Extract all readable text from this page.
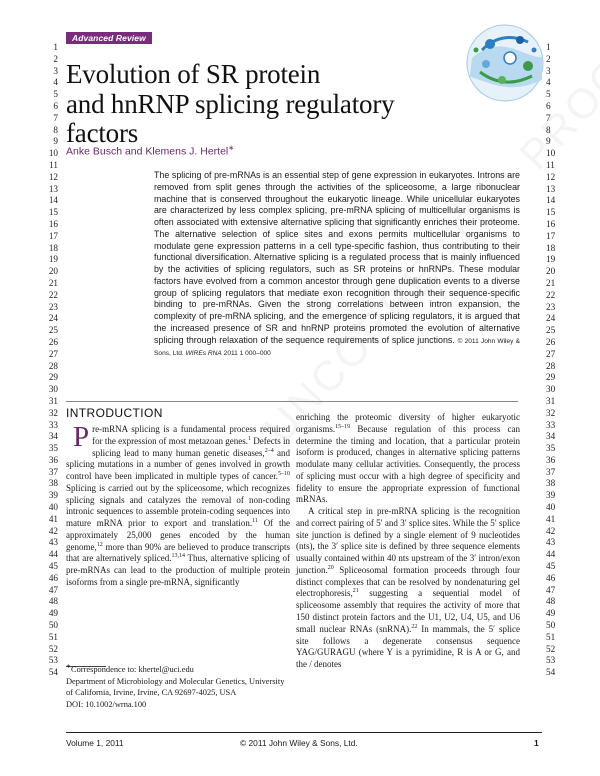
1
2
3
4
5
6
7
8
9
10
11
12
13
14
15
16
17
18
19
20
21
22
23
24
25
26
27
28
29
30
31
32
33
34
35
36
37
38
39
40
41
42
43
44
45
46
47
48
49
50
51
52
53
54
1
2
3
4
5
6
7
8
9
10
11
12
13
14
15
16
17
18
19
20
21
22
23
24
25
26
27
28
29
30
31
32
33
34
35
36
37
38
39
40
41
42
43
44
45
46
47
48
49
50
51
52
53
54
Advanced Review
Evolution of SR protein
and hnRNP splicing regulatory
factors

Anke Busch and Klemens J. Hertel∗

The splicing of pre-mRNAs is an essential step of gene expression in eukaryotes. Introns are removed from split genes through the activities of the spliceosome, a large ribonuclear machine that is conserved throughout the eukaryotic lineage. While unicellular eukaryotes are characterized by less complex splicing, pre-mRNA splicing of multicellular organisms is often associated with extensive alternative splicing that significantly enriches their proteome. The alternative selection of splice sites and exons permits multicellular organisms to modulate gene expression patterns in a cell type-specific fashion, thus contributing to their functional diversification. Alternative splicing is a regulated process that is mainly influenced by the activities of splicing regulators, such as SR proteins or hnRNPs. These modular factors have evolved from a common ancestor through gene duplication events to a diverse group of splicing regulators that mediate exon recognition through their sequence-specific binding to pre-mRNAs. Given the strong correlations between intron expansion, the complexity of pre-mRNA splicing, and the emergence of splicing regulators, it is argued that the increased presence of SR and hnRNP proteins promoted the evolution of alternative splicing through relaxation of the sequence requirements of splice junctions. © 2011 John Wiley & Sons, Ltd. WIREs RNA 2011 1 000–000

INTRODUCTION

Pre-mRNA splicing is a fundamental process required for the expression of most metazoan genes.$^1$ Defects in splicing lead to many human genetic diseases,$^{2-4}$ and splicing mutations in a number of genes involved in growth control have been implicated in multiple types of cancer.$^{5-10}$ Splicing is carried out by the spliceosome, which recognizes splicing signals and catalyzes the removal of non-coding intronic sequences to assemble protein-coding sequences into mature mRNA prior to export and translation.$^{11}$ Of the approximately 25,000 genes encoded by the human genome,$^{12}$ more than 90% are believed to produce transcripts that are alternatively spliced.$^{13,14}$ Thus, alternative splicing of pre-mRNAs can lead to the production of multiple protein isoforms from a single pre-mRNA, significantly

enriching the proteomic diversity of higher eukaryotic organisms.$^{15-19}$ Because regulation of this process can determine the timing and location, that a particular protein isoform is produced, changes in alternative splicing patterns modulate many cellular activities. Consequently, the process of splicing must occur with a high degree of specificity and fidelity to ensure the appropriate expression of functional mRNAs.

A critical step in pre-mRNA splicing is the recognition and correct pairing of 5′ and 3′ splice sites. While the 5′ splice site junction is defined by a single element of 9 nucleotides (nts), the 3′ splice site is defined by three sequence elements usually contained within 40 nts upstream of the 3′ intron/exon junction.$^{20}$ Spliceosomal formation proceeds through four distinct complexes that can be resolved by nondenaturing gel electrophoresis,$^{21}$ suggesting a sequential model of spliceosome assembly that requires the activity of more that 150 distinct protein factors and the U1, U2, U4, U5, and U6 small nuclear RNAs (snRNA).$^{22}$ In mammals, the 5′ splice site follows a degenerate consensus sequence YAG/GURAGU (where Y is a pyrimidine, R is A or G, and the / denotes

∗Correspondence to: khertel@uci.edu

Department of Microbiology and Molecular Genetics, University of California, Irvine, Irvine, CA 92697-4025, USA

DOI: 10.1002/wrna.100

Volume 1, 2011	© 2011 John Wiley & Sons, Ltd.	1
